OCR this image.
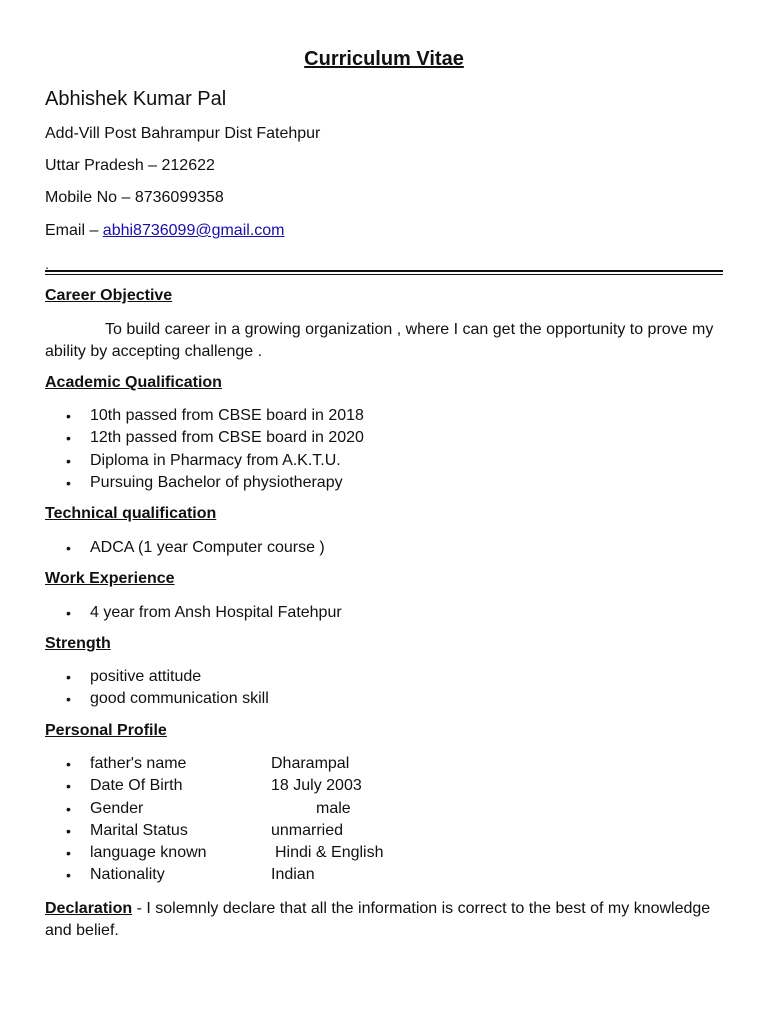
Curriculum Vitae
Abhishek Kumar Pal
Add-Vill Post Bahrampur Dist Fatehpur
Uttar Pradesh – 212622
Mobile No – 8736099358
Email – abhi8736099@gmail.com
.
Career Objective
To build career in a growing organization , where I can get the opportunity to prove my ability by accepting challenge .
Academic Qualification
• 10th passed from CBSE board in 2018
• 12th passed from CBSE board in 2020
• Diploma in Pharmacy from A.K.T.U.
• Pursuing Bachelor of physiotherapy
Technical qualification
• ADCA (1 year Computer course )
Work Experience
• 4 year from Ansh Hospital Fatehpur
Strength
• positive attitude
• good communication skill
Personal Profile
• father's name	Dharampal
• Date Of Birth	18 July 2003
• Gender	male
• Marital Status	unmarried
• language known	Hindi & English
• Nationality	Indian
Declaration - I solemnly declare that all the information is correct to the best of my knowledge and belief.
